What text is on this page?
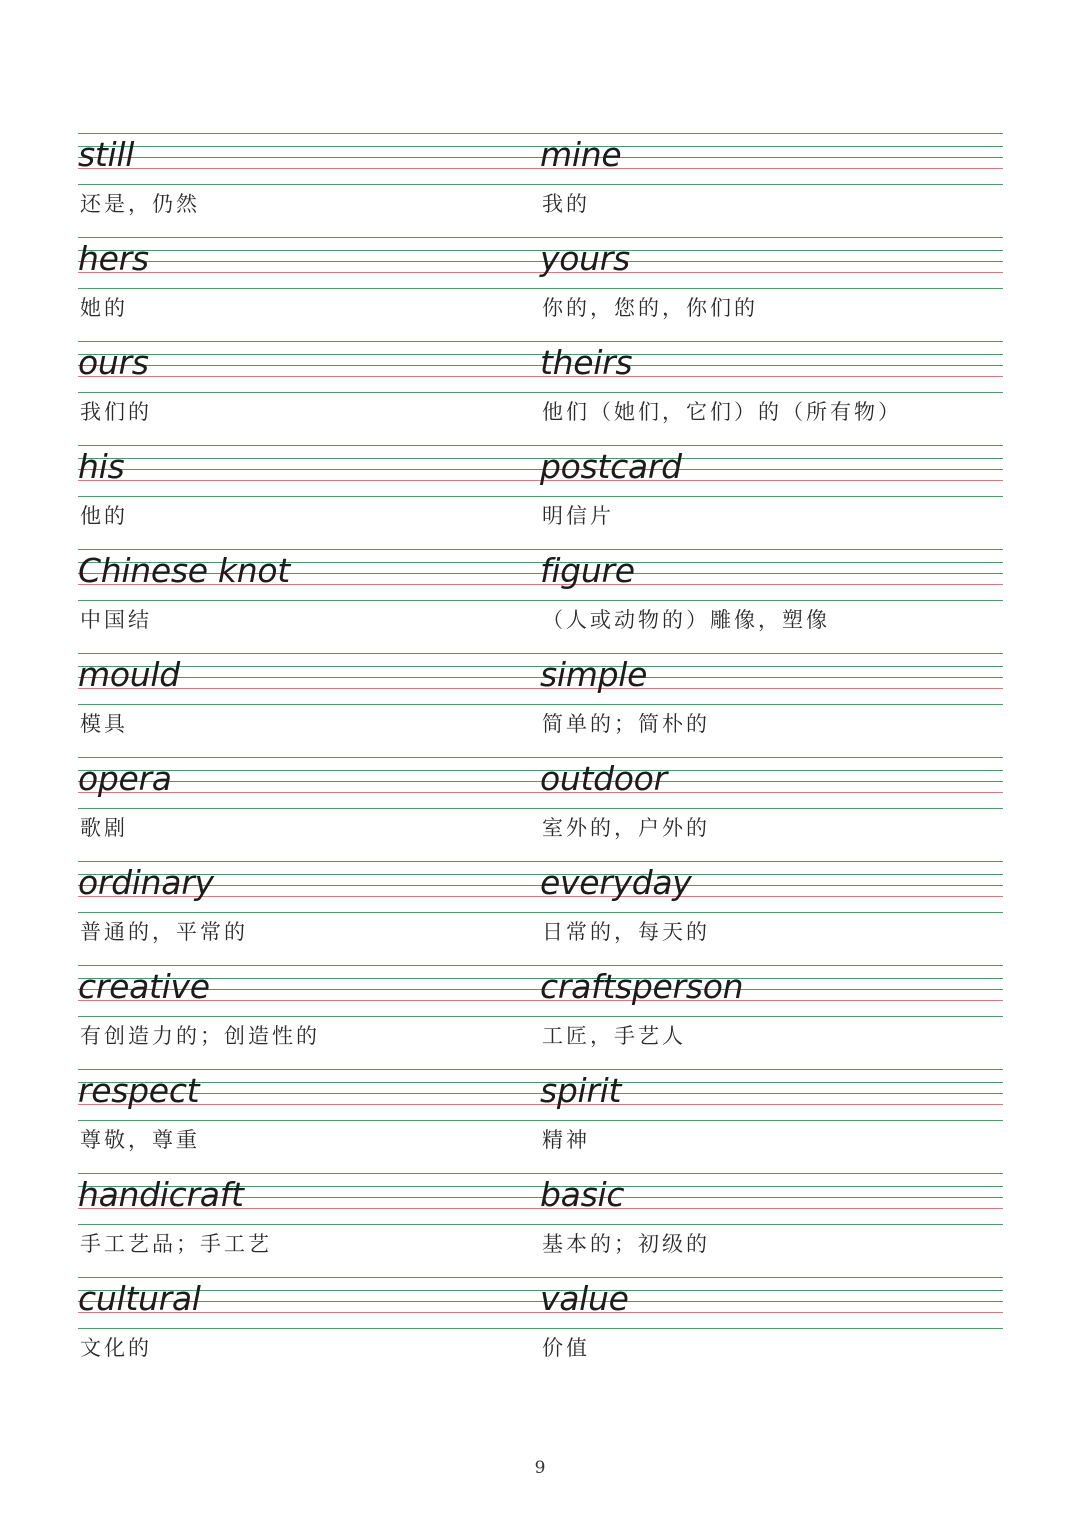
still
还是，仍然
mine
我的
hers
她的
yours
你的，您的，你们的
ours
我们的
theirs
他们（她们，它们）的（所有物）
his
他的
postcard
明信片
Chinese knot
中国结
figure
（人或动物的）雕像，塑像
mould
模具
simple
简单的；简朴的
opera
歌剧
outdoor
室外的，户外的
ordinary
普通的，平常的
everyday
日常的，每天的
creative
有创造力的；创造性的
craftsperson
工匠，手艺人
respect
尊敬，尊重
spirit
精神
handicraft
手工艺品；手工艺
basic
基本的；初级的
cultural
文化的
value
价值
9
